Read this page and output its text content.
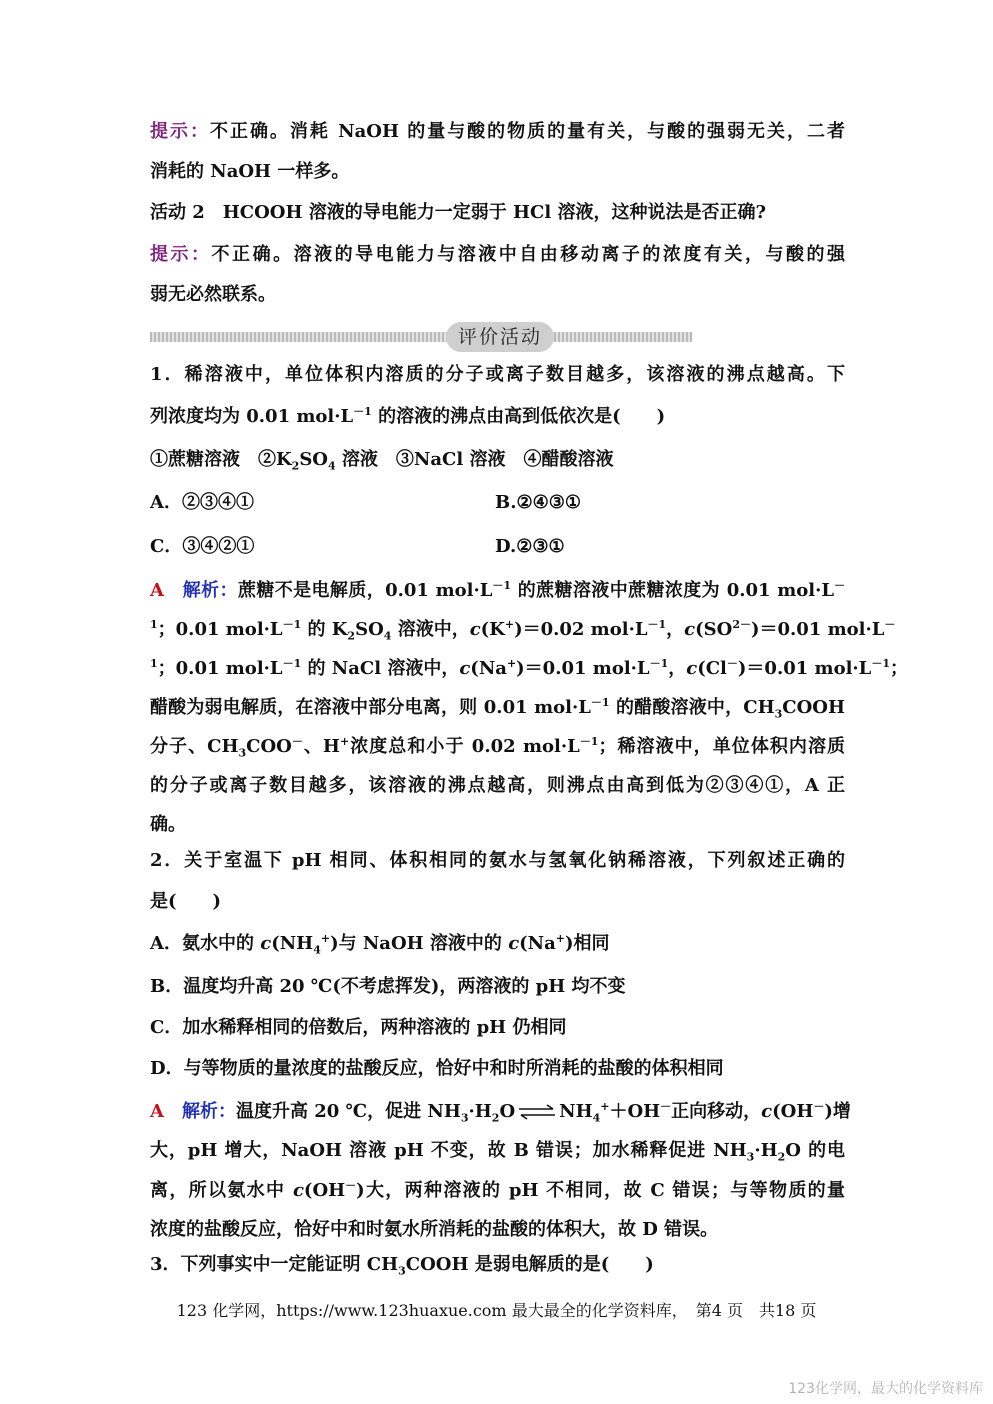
提示：不正确。消耗 NaOH 的量与酸的物质的量有关，与酸的强弱无关，二者
消耗的 NaOH 一样多。
活动 2　HCOOH 溶液的导电能力一定弱于 HCl 溶液，这种说法是否正确?
提示：不正确。溶液的导电能力与溶液中自由移动离子的浓度有关，与酸的强
弱无必然联系。
1．稀溶液中，单位体积内溶质的分子或离子数目越多，该溶液的沸点越高。下
列浓度均为 0.01 $mol\cdot L^{-1}$ 的溶液的沸点由高到低依次是(　　)
①蔗糖溶液　$②K_2SO_4$ 溶液　③NaCl 溶液　④醋酸溶液
A．②③④①	B.②④③①
C．③④②①	D.②③①
A　 解析：蔗糖不是电解质，0.01 $mol\cdot L^{-1}$ 的蔗糖溶液中蔗糖浓度为 0.01 mol·L－
$^1$；0.01 $mol\cdot L^{-1}$ 的 $K_2SO_4$ 溶液中，c(K+)＝0.02 $mol\cdot L^{-1}$，$c(SO^{2-})=0.01$ mol·L－
$^1$；0.01 $mol\cdot L^{-1}$ 的 NaCl 溶液中，c(Na+)＝0.01 $mol\cdot L^{-1}$，c(Cl－)＝0.01 $mol\cdot L^{-1}$；
醋酸为弱电解质，在溶液中部分电离，则 0.01 $mol\cdot L^{-1}$ 的醋酸溶液中，$CH_3COOH$
分子、$CH_3COO^-$、H+浓度总和小于 0.02 $mol\cdot L^{-1}$；稀溶液中，单位体积内溶质
的分子或离子数目越多，该溶液的沸点越高，则沸点由高到低为②③④①，A 正
确。
2．关于室温下 pH 相同、体积相同的氨水与氢氧化钠稀溶液，下列叙述正确的
是(　　)
A．氨水中的 $c(NH_4^+)$与 NaOH 溶液中的 c(Na+)相同
B．温度均升高 20 ℃(不考虑挥发)，两溶液的 pH 均不变
C．加水稀释相同的倍数后，两种溶液的 pH 仍相同
D．与等物质的量浓度的盐酸反应，恰好中和时所消耗的盐酸的体积相同
A　 解析：温度升高 20 ℃，促进 $NH_3\cdot H_2O$ ⇌ $NH_4^++OH^-$正向移动，c(OH－)增
大，pH 增大，NaOH 溶液 pH 不变，故 B 错误；加水稀释促进 $NH_3\cdot H_2O$ 的电
离，所以氨水中 c(OH－)大，两种溶液的 pH 不相同，故 C 错误；与等物质的量
浓度的盐酸反应，恰好中和时氨水所消耗的盐酸的体积大，故 D 错误。
3．下列事实中一定能证明 $CH_3COOH$ 是弱电解质的是(　　)
评价活动
123 化学网，https://www.123huaxue.com 最大最全的化学资料库，　第4 页　共18 页
123化学网，最大的化学资料库
